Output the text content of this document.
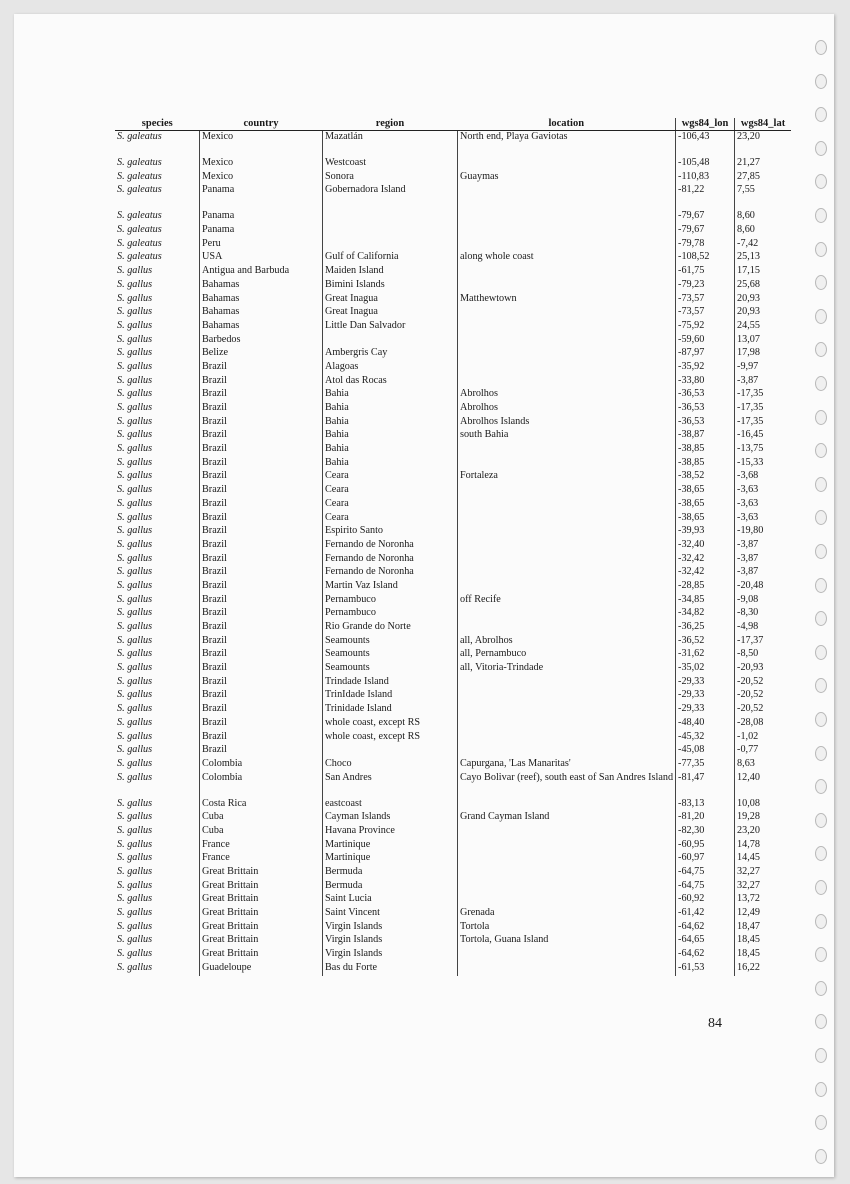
species	country	region	location	wgs84_lon	wgs84_lat
S. galeatus	Mexico	Mazatlán	North end, Playa Gaviotas	-106,43	23,20
S. galeatus	Mexico	Westcoast		-105,48	21,27
S. galeatus	Mexico	Sonora	Guaymas	-110,83	27,85
S. galeatus	Panama	Gobernadora Island		-81,22	7,55
S. galeatus	Panama			-79,67	8,60
S. galeatus	Panama			-79,67	8,60
S. galeatus	Peru			-79,78	-7,42
S. galeatus	USA	Gulf of California	along whole coast	-108,52	25,13
S. gallus	Antigua and Barbuda	Maiden Island		-61,75	17,15
S. gallus	Bahamas	Bimini Islands		-79,23	25,68
S. gallus	Bahamas	Great Inagua	Matthewtown	-73,57	20,93
S. gallus	Bahamas	Great Inagua		-73,57	20,93
S. gallus	Bahamas	Little Dan Salvador		-75,92	24,55
S. gallus	Barbedos			-59,60	13,07
S. gallus	Belize	Ambergris Cay		-87,97	17,98
S. gallus	Brazil	Alagoas		-35,92	-9,97
S. gallus	Brazil	Atol das Rocas		-33,80	-3,87
S. gallus	Brazil	Bahia	Abrolhos	-36,53	-17,35
S. gallus	Brazil	Bahia	Abrolhos	-36,53	-17,35
S. gallus	Brazil	Bahia	Abrolhos Islands	-36,53	-17,35
S. gallus	Brazil	Bahia	south Bahia	-38,87	-16,45
S. gallus	Brazil	Bahia		-38,85	-13,75
S. gallus	Brazil	Bahia		-38,85	-15,33
S. gallus	Brazil	Ceara	Fortaleza	-38,52	-3,68
S. gallus	Brazil	Ceara		-38,65	-3,63
S. gallus	Brazil	Ceara		-38,65	-3,63
S. gallus	Brazil	Ceara		-38,65	-3,63
S. gallus	Brazil	Espirito Santo		-39,93	-19,80
S. gallus	Brazil	Fernando de Noronha		-32,40	-3,87
S. gallus	Brazil	Fernando de Noronha		-32,42	-3,87
S. gallus	Brazil	Fernando de Noronha		-32,42	-3,87
S. gallus	Brazil	Martin Vaz Island		-28,85	-20,48
S. gallus	Brazil	Pernambuco	off Recife	-34,85	-9,08
S. gallus	Brazil	Pernambuco		-34,82	-8,30
S. gallus	Brazil	Rio Grande do Norte		-36,25	-4,98
S. gallus	Brazil	Seamounts	all, Abrolhos	-36,52	-17,37
S. gallus	Brazil	Seamounts	all, Pernambuco	-31,62	-8,50
S. gallus	Brazil	Seamounts	all, Vitoria-Trindade	-35,02	-20,93
S. gallus	Brazil	Trindade Island		-29,33	-20,52
S. gallus	Brazil	TrinIdade Island		-29,33	-20,52
S. gallus	Brazil	Trinidade Island		-29,33	-20,52
S. gallus	Brazil	whole coast, except RS		-48,40	-28,08
S. gallus	Brazil	whole coast, except RS		-45,32	-1,02
S. gallus	Brazil			-45,08	-0,77
S. gallus	Colombia	Choco	Capurgana, 'Las Manaritas'	-77,35	8,63
S. gallus	Colombia	San Andres	Cayo Bolivar (reef), south east of San Andres Island	-81,47	12,40
S. gallus	Costa Rica	eastcoast		-83,13	10,08
S. gallus	Cuba	Cayman Islands	Grand Cayman Island	-81,20	19,28
S. gallus	Cuba	Havana Province		-82,30	23,20
S. gallus	France	Martinique		-60,95	14,78
S. gallus	France	Martinique		-60,97	14,45
S. gallus	Great Brittain	Bermuda		-64,75	32,27
S. gallus	Great Brittain	Bermuda		-64,75	32,27
S. gallus	Great Brittain	Saint Lucia		-60,92	13,72
S. gallus	Great Brittain	Saint Vincent	Grenada	-61,42	12,49
S. gallus	Great Brittain	Virgin Islands	Tortola	-64,62	18,47
S. gallus	Great Brittain	Virgin Islands	Tortola, Guana Island	-64,65	18,45
S. gallus	Great Brittain	Virgin Islands		-64,62	18,45
S. gallus	Guadeloupe	Bas du Forte		-61,53	16,22
84
